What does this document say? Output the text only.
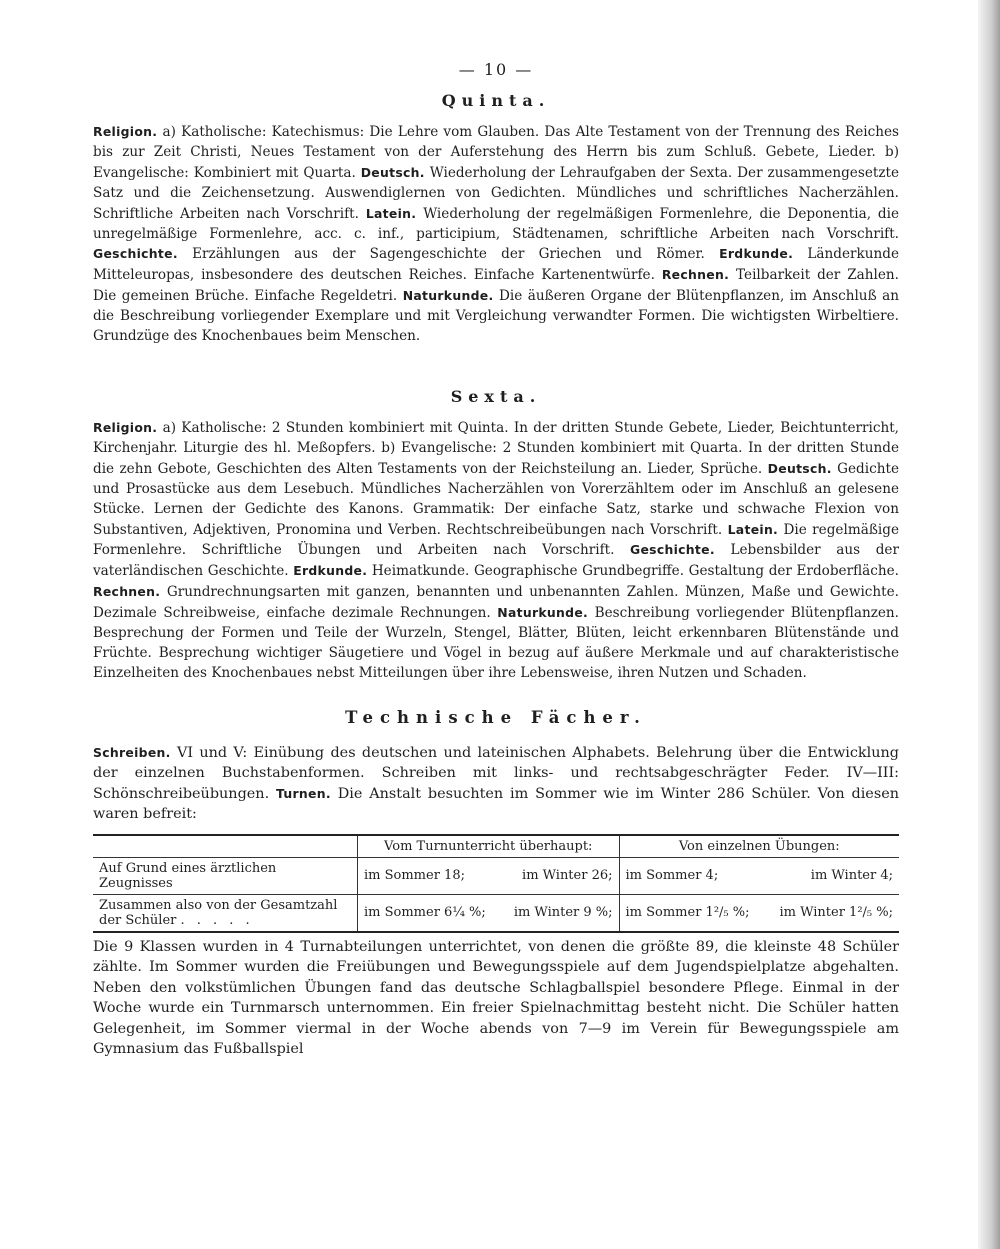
— 10 —
Quinta.

Religion. a) Katholische: Katechismus: Die Lehre vom Glauben. Das Alte Testament von der Trennung des Reiches bis zur Zeit Christi, Neues Testament von der Auferstehung des Herrn bis zum Schluß. Gebete, Lieder. b) Evangelische: Kombiniert mit Quarta. Deutsch. Wiederholung der Lehraufgaben der Sexta. Der zusammengesetzte Satz und die Zeichensetzung. Auswendiglernen von Gedichten. Mündliches und schriftliches Nacherzählen. Schriftliche Arbeiten nach Vorschrift. Latein. Wiederholung der regelmäßigen Formenlehre, die Deponentia, die unregelmäßige Formenlehre, acc. c. inf., participium, Städtenamen, schriftliche Arbeiten nach Vorschrift. Geschichte. Erzählungen aus der Sagengeschichte der Griechen und Römer. Erdkunde. Länderkunde Mitteleuropas, insbesondere des deutschen Reiches. Einfache Kartenentwürfe. Rechnen. Teilbarkeit der Zahlen. Die gemeinen Brüche. Einfache Regeldetri. Naturkunde. Die äußeren Organe der Blütenpflanzen, im Anschluß an die Beschreibung vorliegender Exemplare und mit Vergleichung verwandter Formen. Die wichtigsten Wirbeltiere. Grundzüge des Knochenbaues beim Menschen.

Sexta.

Religion. a) Katholische: 2 Stunden kombiniert mit Quinta. In der dritten Stunde Gebete, Lieder, Beichtunterricht, Kirchenjahr. Liturgie des hl. Meßopfers. b) Evangelische: 2 Stunden kombiniert mit Quarta. In der dritten Stunde die zehn Gebote, Geschichten des Alten Testaments von der Reichsteilung an. Lieder, Sprüche. Deutsch. Gedichte und Prosastücke aus dem Lesebuch. Mündliches Nacherzählen von Vorerzähltem oder im Anschluß an gelesene Stücke. Lernen der Gedichte des Kanons. Grammatik: Der einfache Satz, starke und schwache Flexion von Substantiven, Adjektiven, Pronomina und Verben. Rechtschreibeübungen nach Vorschrift. Latein. Die regelmäßige Formenlehre. Schriftliche Übungen und Arbeiten nach Vorschrift. Geschichte. Lebensbilder aus der vaterländischen Geschichte. Erdkunde. Heimatkunde. Geographische Grundbegriffe. Gestaltung der Erdoberfläche. Rechnen. Grundrechnungsarten mit ganzen, benannten und unbenannten Zahlen. Münzen, Maße und Gewichte. Dezimale Schreibweise, einfache dezimale Rechnungen. Naturkunde. Beschreibung vorliegender Blütenpflanzen. Besprechung der Formen und Teile der Wurzeln, Stengel, Blätter, Blüten, leicht erkennbaren Blütenstände und Früchte. Besprechung wichtiger Säugetiere und Vögel in bezug auf äußere Merkmale und auf charakteristische Einzelheiten des Knochenbaues nebst Mitteilungen über ihre Lebensweise, ihren Nutzen und Schaden.

Technische Fächer.

Schreiben. VI und V: Einübung des deutschen und lateinischen Alphabets. Belehrung über die Entwicklung der einzelnen Buchstabenformen. Schreiben mit links- und rechtsabgeschrägter Feder. IV—III: Schönschreibeübungen. Turnen. Die Anstalt besuchten im Sommer wie im Winter 286 Schüler. Von diesen waren befreit:

	Vom Turnunterricht überhaupt:	Von einzelnen Übungen:
Auf Grund eines ärztlichen Zeugnisses	im Sommer 18; im Winter 26;	im Sommer 4; im Winter 4;

Zusammen also von der Gesamtzahl der Schüler . . . . .	im Sommer 6¼ %; im Winter 9 %;	im Sommer 1²/₅ %; im Winter 1²/₅ %;

Die 9 Klassen wurden in 4 Turnabteilungen unterrichtet, von denen die größte 89, die kleinste 48 Schüler zählte. Im Sommer wurden die Freiübungen und Bewegungsspiele auf dem Jugendspielplatze abgehalten. Neben den volkstümlichen Übungen fand das deutsche Schlagballspiel besondere Pflege. Einmal in der Woche wurde ein Turnmarsch unternommen. Ein freier Spielnachmittag besteht nicht. Die Schüler hatten Gelegenheit, im Sommer viermal in der Woche abends von 7—9 im Verein für Bewegungsspiele am Gymnasium das Fußballspiel
